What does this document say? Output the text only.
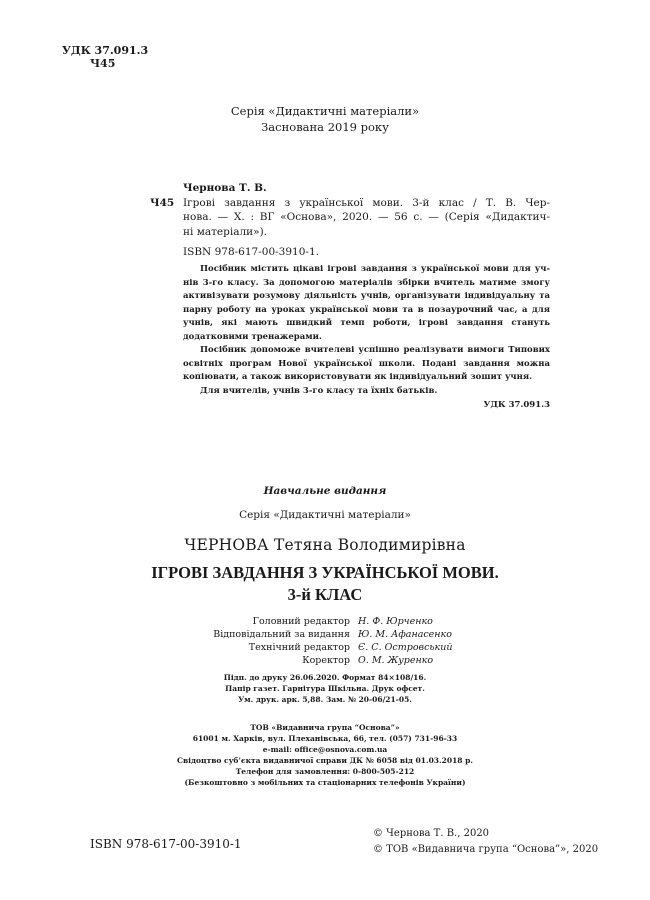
УДК 37.091.3
Ч45
Серія «Дидактичні матеріали»
Заснована 2019 року
Чернова Т. В.
Ч45 Ігрові завдання з української мови. 3-й клас / Т. В. Чер-
нова. — Х. : ВГ «Основа», 2020. — 56 с. — (Серія «Дидактич-
ні матеріали»).
ISBN 978-617-00-3910-1.

Посібник містить цікаві ігрові завдання з української мови для учнів 3-го класу. За допомогою матеріалів збірки вчитель матиме змогу активізувати розумову діяльність учнів, організувати індивідуальну та парну роботу на уроках української мови та в позаурочний час, а для учнів, які мають швидкий темп роботи, ігрові завдання стануть додатковими тренажерами.

Посібник допоможе вчителеві успішно реалізувати вимоги Типових освітніх програм Нової української школи. Подані завдання можна копіювати, а також використовувати як індивідуальний зошит учня.

Для вчителів, учнів 3-го класу та їхніх батьків.

УДК 37.091.3
Навчальне видання
Серія «Дидактичні матеріали»
ЧЕРНОВА Тетяна Володимирівна
ІГРОВІ ЗАВДАННЯ З УКРАЇНСЬКОЇ МОВИ.
3-й КЛАС
Головний редактор Н. Ф. Юрченко
Відповідальний за видання Ю. М. Афанасенко
Технічний редактор Є. С. Островський
Коректор О. М. Журенко
Підп. до друку 26.06.2020. Формат 84×108/16.
Папір газет. Гарнітура Шкільна. Друк офсет.
Ум. друк. арк. 5,88. Зам. № 20-06/21-05.
ТОВ «Видавнича група “Основа”»
61001 м. Харків, вул. Плеханівська, 66, тел. (057) 731-96-33
e-mail: office@osnova.com.ua
Свідоцтво суб’єкта видавничої справи ДК № 6058 від 01.03.2018 р.
Телефон для замовлення: 0-800-505-212
(Безкоштовно з мобільних та стаціонарних телефонів України)
ISBN 978-617-00-3910-1
© Чернова Т. В., 2020
© ТОВ «Видавнича група “Основа”», 2020
